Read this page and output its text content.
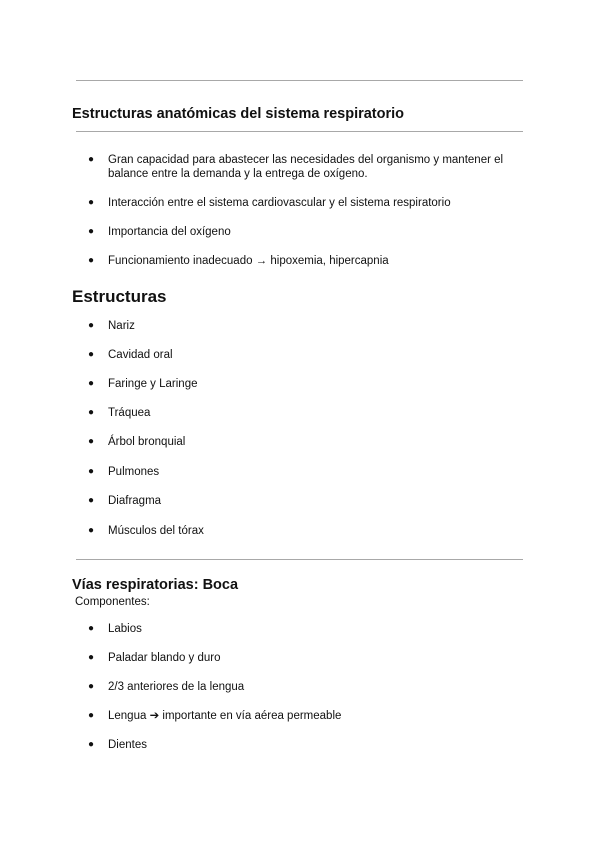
Estructuras anatómicas del sistema respiratorio
● Gran capacidad para abastecer las necesidades del organismo y mantener el balance entre la demanda y la entrega de oxígeno.
● Interacción entre el sistema cardiovascular y el sistema respiratorio
● Importancia del oxígeno
● Funcionamiento inadecuado → hipoxemia, hipercapnia
Estructuras
● Nariz
● Cavidad oral
● Faringe y Laringe
● Tráquea
● Árbol bronquial
● Pulmones
● Diafragma
● Músculos del tórax
Vías respiratorias: Boca
Componentes:
● Labios
● Paladar blando y duro
● 2/3 anteriores de la lengua
● Lengua ➔ importante en vía aérea permeable
● Dientes
